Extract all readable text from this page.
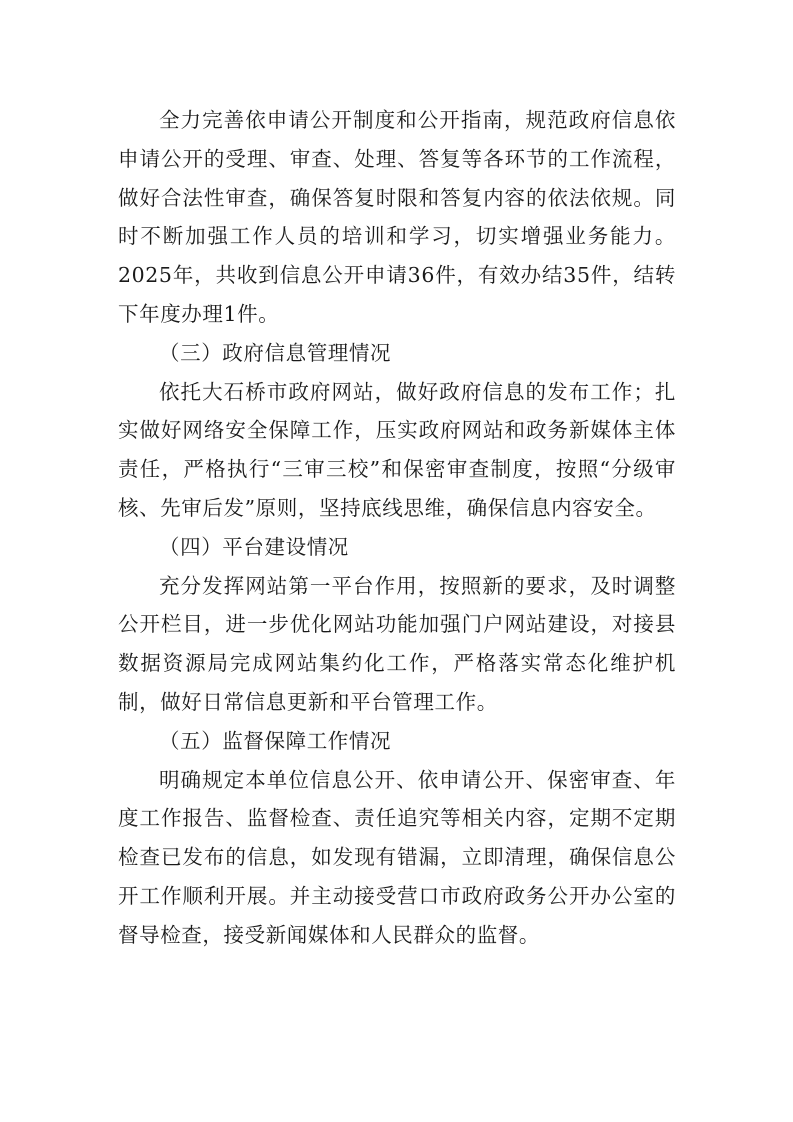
全力完善依申请公开制度和公开指南，规范政府信息依申请公开的受理、审查、处理、答复等各环节的工作流程，做好合法性审查，确保答复时限和答复内容的依法依规。同时不断加强工作人员的培训和学习，切实增强业务能力。2025年，共收到信息公开申请36件，有效办结35件，结转下年度办理1件。

（三）政府信息管理情况

依托大石桥市政府网站，做好政府信息的发布工作；扎实做好网络安全保障工作，压实政府网站和政务新媒体主体责任，严格执行“三审三校”和保密审查制度，按照“分级审核、先审后发”原则，坚持底线思维，确保信息内容安全。

（四）平台建设情况

充分发挥网站第一平台作用，按照新的要求，及时调整公开栏目，进一步优化网站功能加强门户网站建设，对接县数据资源局完成网站集约化工作，严格落实常态化维护机制，做好日常信息更新和平台管理工作。

（五）监督保障工作情况

明确规定本单位信息公开、依申请公开、保密审查、年度工作报告、监督检查、责任追究等相关内容，定期不定期检查已发布的信息，如发现有错漏，立即清理，确保信息公开工作顺利开展。并主动接受营口市政府政务公开办公室的督导检查，接受新闻媒体和人民群众的监督。
